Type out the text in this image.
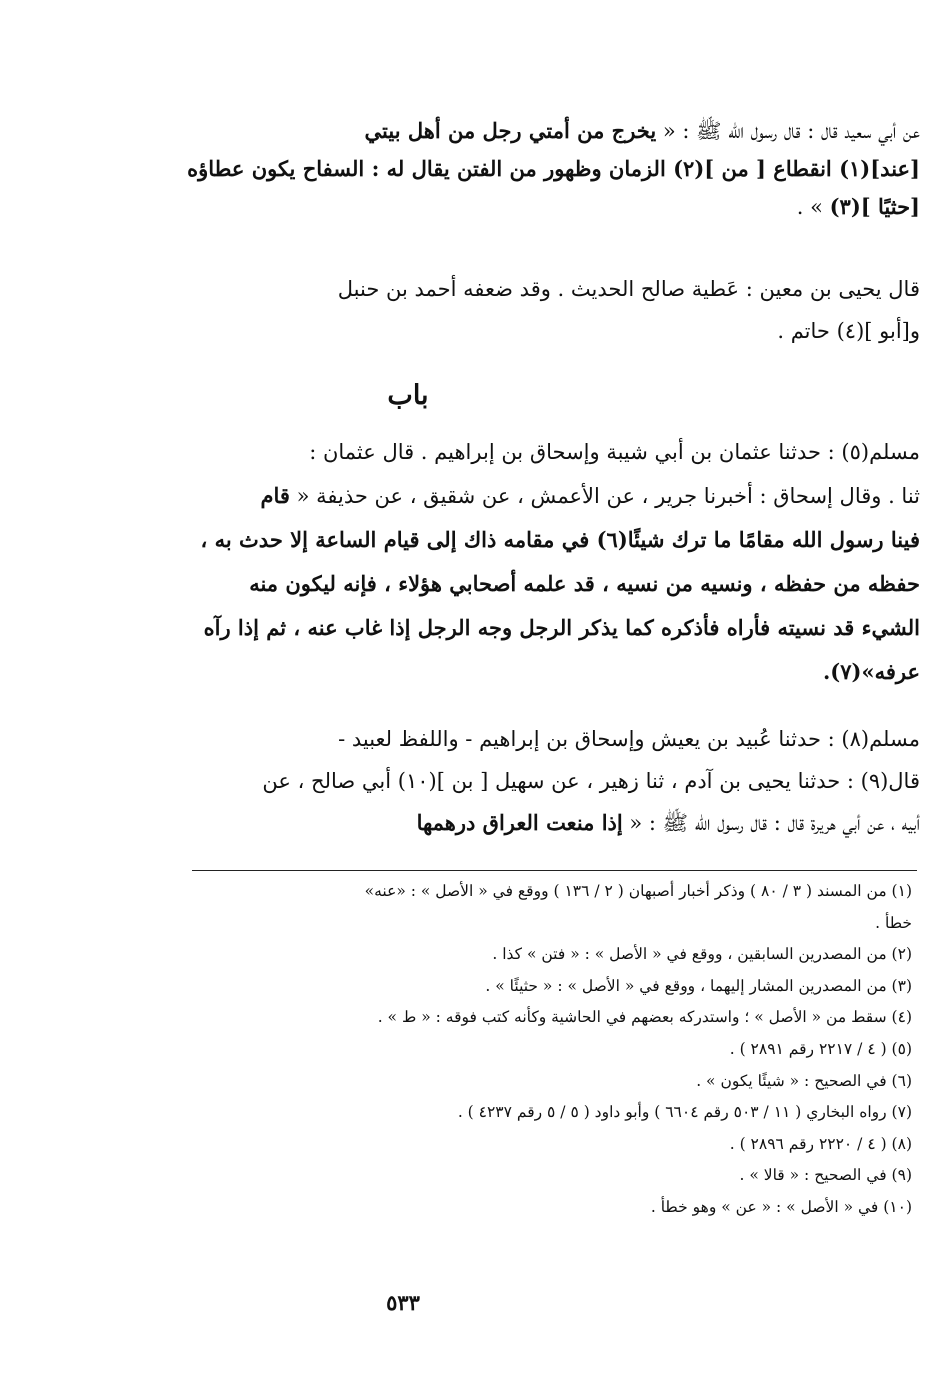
عن أبي سعيد قال : قال رسول الله ﷺ : « يخرج من أمتي رجل من أهل بيتي
[عند](١) انقطاع [ من ](٢) الزمان وظهور من الفتن يقال له : السفاح يكون عطاؤه
[حثيًا ](٣) » .
قال يحيى بن معين : عَطية صالح الحديث . وقد ضعفه أحمد بن حنبل
و[أبو ](٤) حاتم .
باب
مسلم(٥) : حدثنا عثمان بن أبي شيبة وإسحاق بن إبراهيم . قال عثمان :
ثنا . وقال إسحاق : أخبرنا جرير ، عن الأعمش ، عن شقيق ، عن حذيفة « قام
فينا رسول الله مقامًا ما ترك شيئًا(٦) في مقامه ذاك إلى قيام الساعة إلا حدث به ،
حفظه من حفظه ، ونسيه من نسيه ، قد علمه أصحابي هؤلاء ، فإنه ليكون منه
الشيء قد نسيته فأراه فأذكره كما يذكر الرجل وجه الرجل إذا غاب عنه ، ثم إذا رآه
عرفه»(٧).
مسلم(٨) : حدثنا عُبيد بن يعيش وإسحاق بن إبراهيم - واللفظ لعبيد -
قال(٩) : حدثنا يحيى بن آدم ، ثنا زهير ، عن سهيل [ بن ](١٠) أبي صالح ، عن
أبيه ، عن أبي هريرة قال : قال رسول الله ﷺ : « إذا منعت العراق درهمها
(١) من المسند ( ٣ / ٨٠ ) وذكر أخبار أصبهان ( ٢ / ١٣٦ ) ووقع في « الأصل » : «عنه»
خطأ .
(٢) من المصدرين السابقين ، ووقع في « الأصل » : « فتن » كذا .
(٣) من المصدرين المشار إليهما ، ووقع في « الأصل » : « حثيئًا » .
(٤) سقط من « الأصل » ؛ واستدركه بعضهم في الحاشية وكأنه كتب فوقه : « ط » .
(٥) ( ٤ / ٢٢١٧ رقم ٢٨٩١ ) .
(٦) في الصحيح : « شيئًا يكون » .
(٧) رواه البخاري ( ١١ / ٥٠٣ رقم ٦٦٠٤ ) وأبو داود ( ٥ / ٥ رقم ٤٢٣٧ ) .
(٨) ( ٤ / ٢٢٢٠ رقم ٢٨٩٦ ) .
(٩) في الصحيح : « قالا » .
(١٠) في « الأصل » : « عن » وهو خطأ .
٥٣٣
